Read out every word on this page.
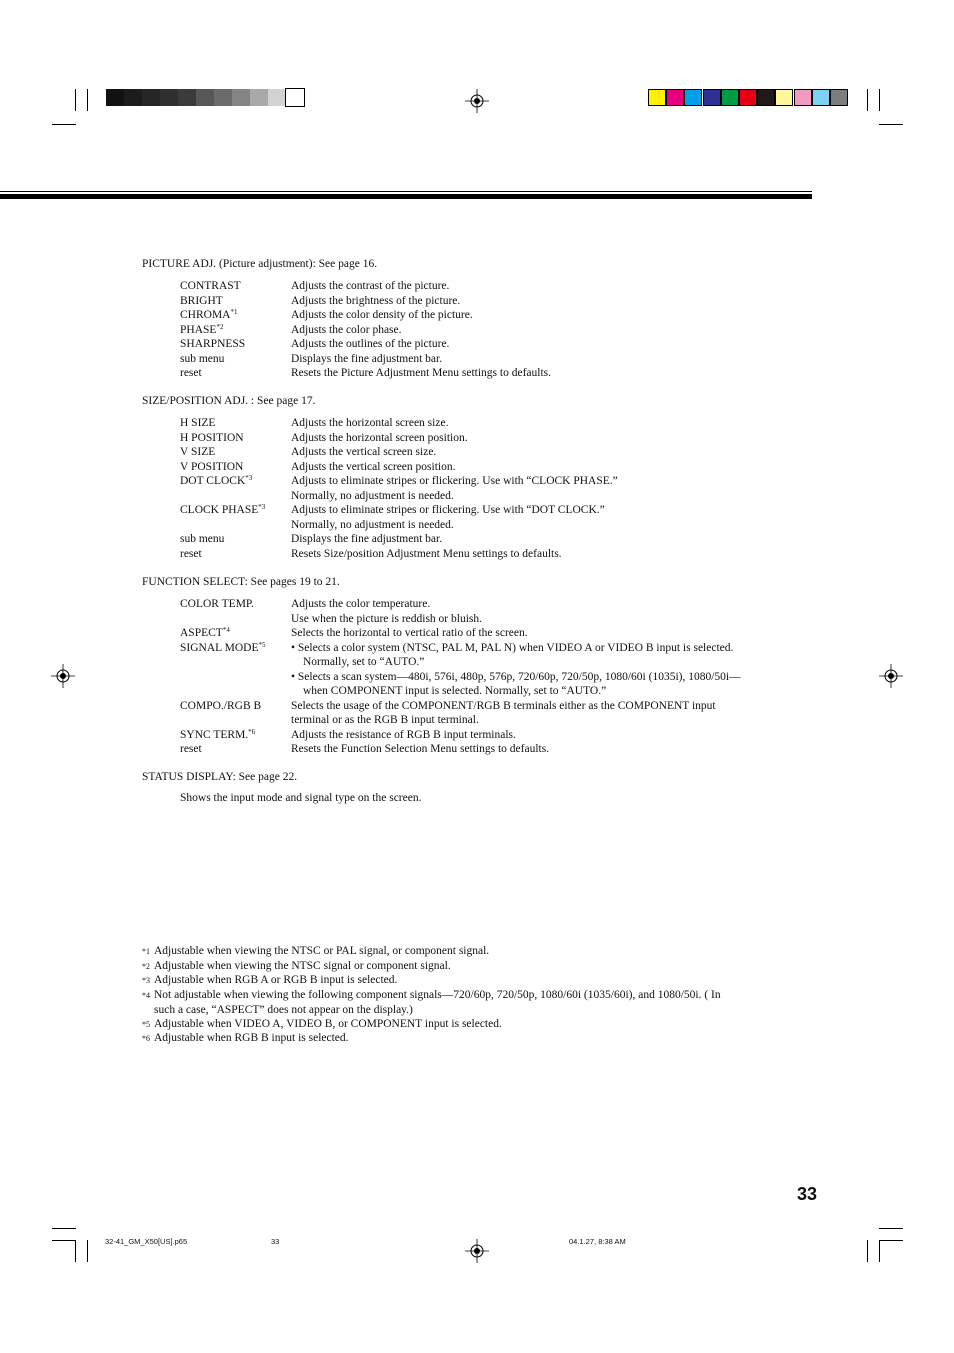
PICTURE ADJ. (Picture adjustment): See page 16.
SIZE/POSITION ADJ. : See page 17.
FUNCTION SELECT: See pages 19 to 21.
STATUS DISPLAY: See page 22.
CONTRAST	Adjusts the contrast of the picture.
BRIGHT	Adjusts the brightness of the picture.
CHROMA$^{*1}$	Adjusts the color density of the picture.
PHASE$^{*2}$	Adjusts the color phase.
SHARPNESS	Adjusts the outlines of the picture.
sub menu	Displays the fine adjustment bar.
reset	Resets the Picture Adjustment Menu settings to defaults.
H SIZE	Adjusts the horizontal screen size.
H POSITION	Adjusts the horizontal screen position.
V SIZE	Adjusts the vertical screen size.
V POSITION	Adjusts the vertical screen position.
DOT CLOCK$^{*3}$	Adjusts to eliminate stripes or flickering. Use with “CLOCK PHASE.”
Normally, no adjustment is needed.
CLOCK PHASE$^{*3}$ Adjusts to eliminate stripes or flickering. Use with “DOT CLOCK.”
Normally, no adjustment is needed.
sub menu	Displays the fine adjustment bar.
reset	Resets Size/position Adjustment Menu settings to defaults.
COLOR TEMP.	Adjusts the color temperature.
Use when the picture is reddish or bluish.
ASPECT$^{*4}$	Selects the horizontal to vertical ratio of the screen.
SIGNAL MODE$^{*5}$ • Selects a color system (NTSC, PAL M, PAL N) when VIDEO A or VIDEO B input is selected.
Normally, set to “AUTO.”
• Selects a scan system—480i, 576i, 480p, 576p, 720/60p, 720/50p, 1080/60i (1035i), 1080/50i—
when COMPONENT input is selected. Normally, set to “AUTO.”
COMPO./RGB B	Selects the usage of the COMPONENT/RGB B terminals either as the COMPONENT input
terminal or as the RGB B input terminal.
SYNC TERM.$^{*6}$	Adjusts the resistance of RGB B input terminals.
reset	Resets the Function Selection Menu settings to defaults.
Shows the input mode and signal type on the screen.
*1 Adjustable when viewing the NTSC or PAL signal, or component signal.
*2 Adjustable when viewing the NTSC signal or component signal.
*3 Adjustable when RGB A or RGB B input is selected.
*4 Not adjustable when viewing the following component signals—720/60p, 720/50p, 1080/60i (1035/60i), and 1080/50i. ( In
such a case, “ASPECT” does not appear on the display.)
*5 Adjustable when VIDEO A, VIDEO B, or COMPONENT input is selected.
*6 Adjustable when RGB B input is selected.
33
32-41_GM_X50[US].p65	33	04.1.27, 8:38 AM
